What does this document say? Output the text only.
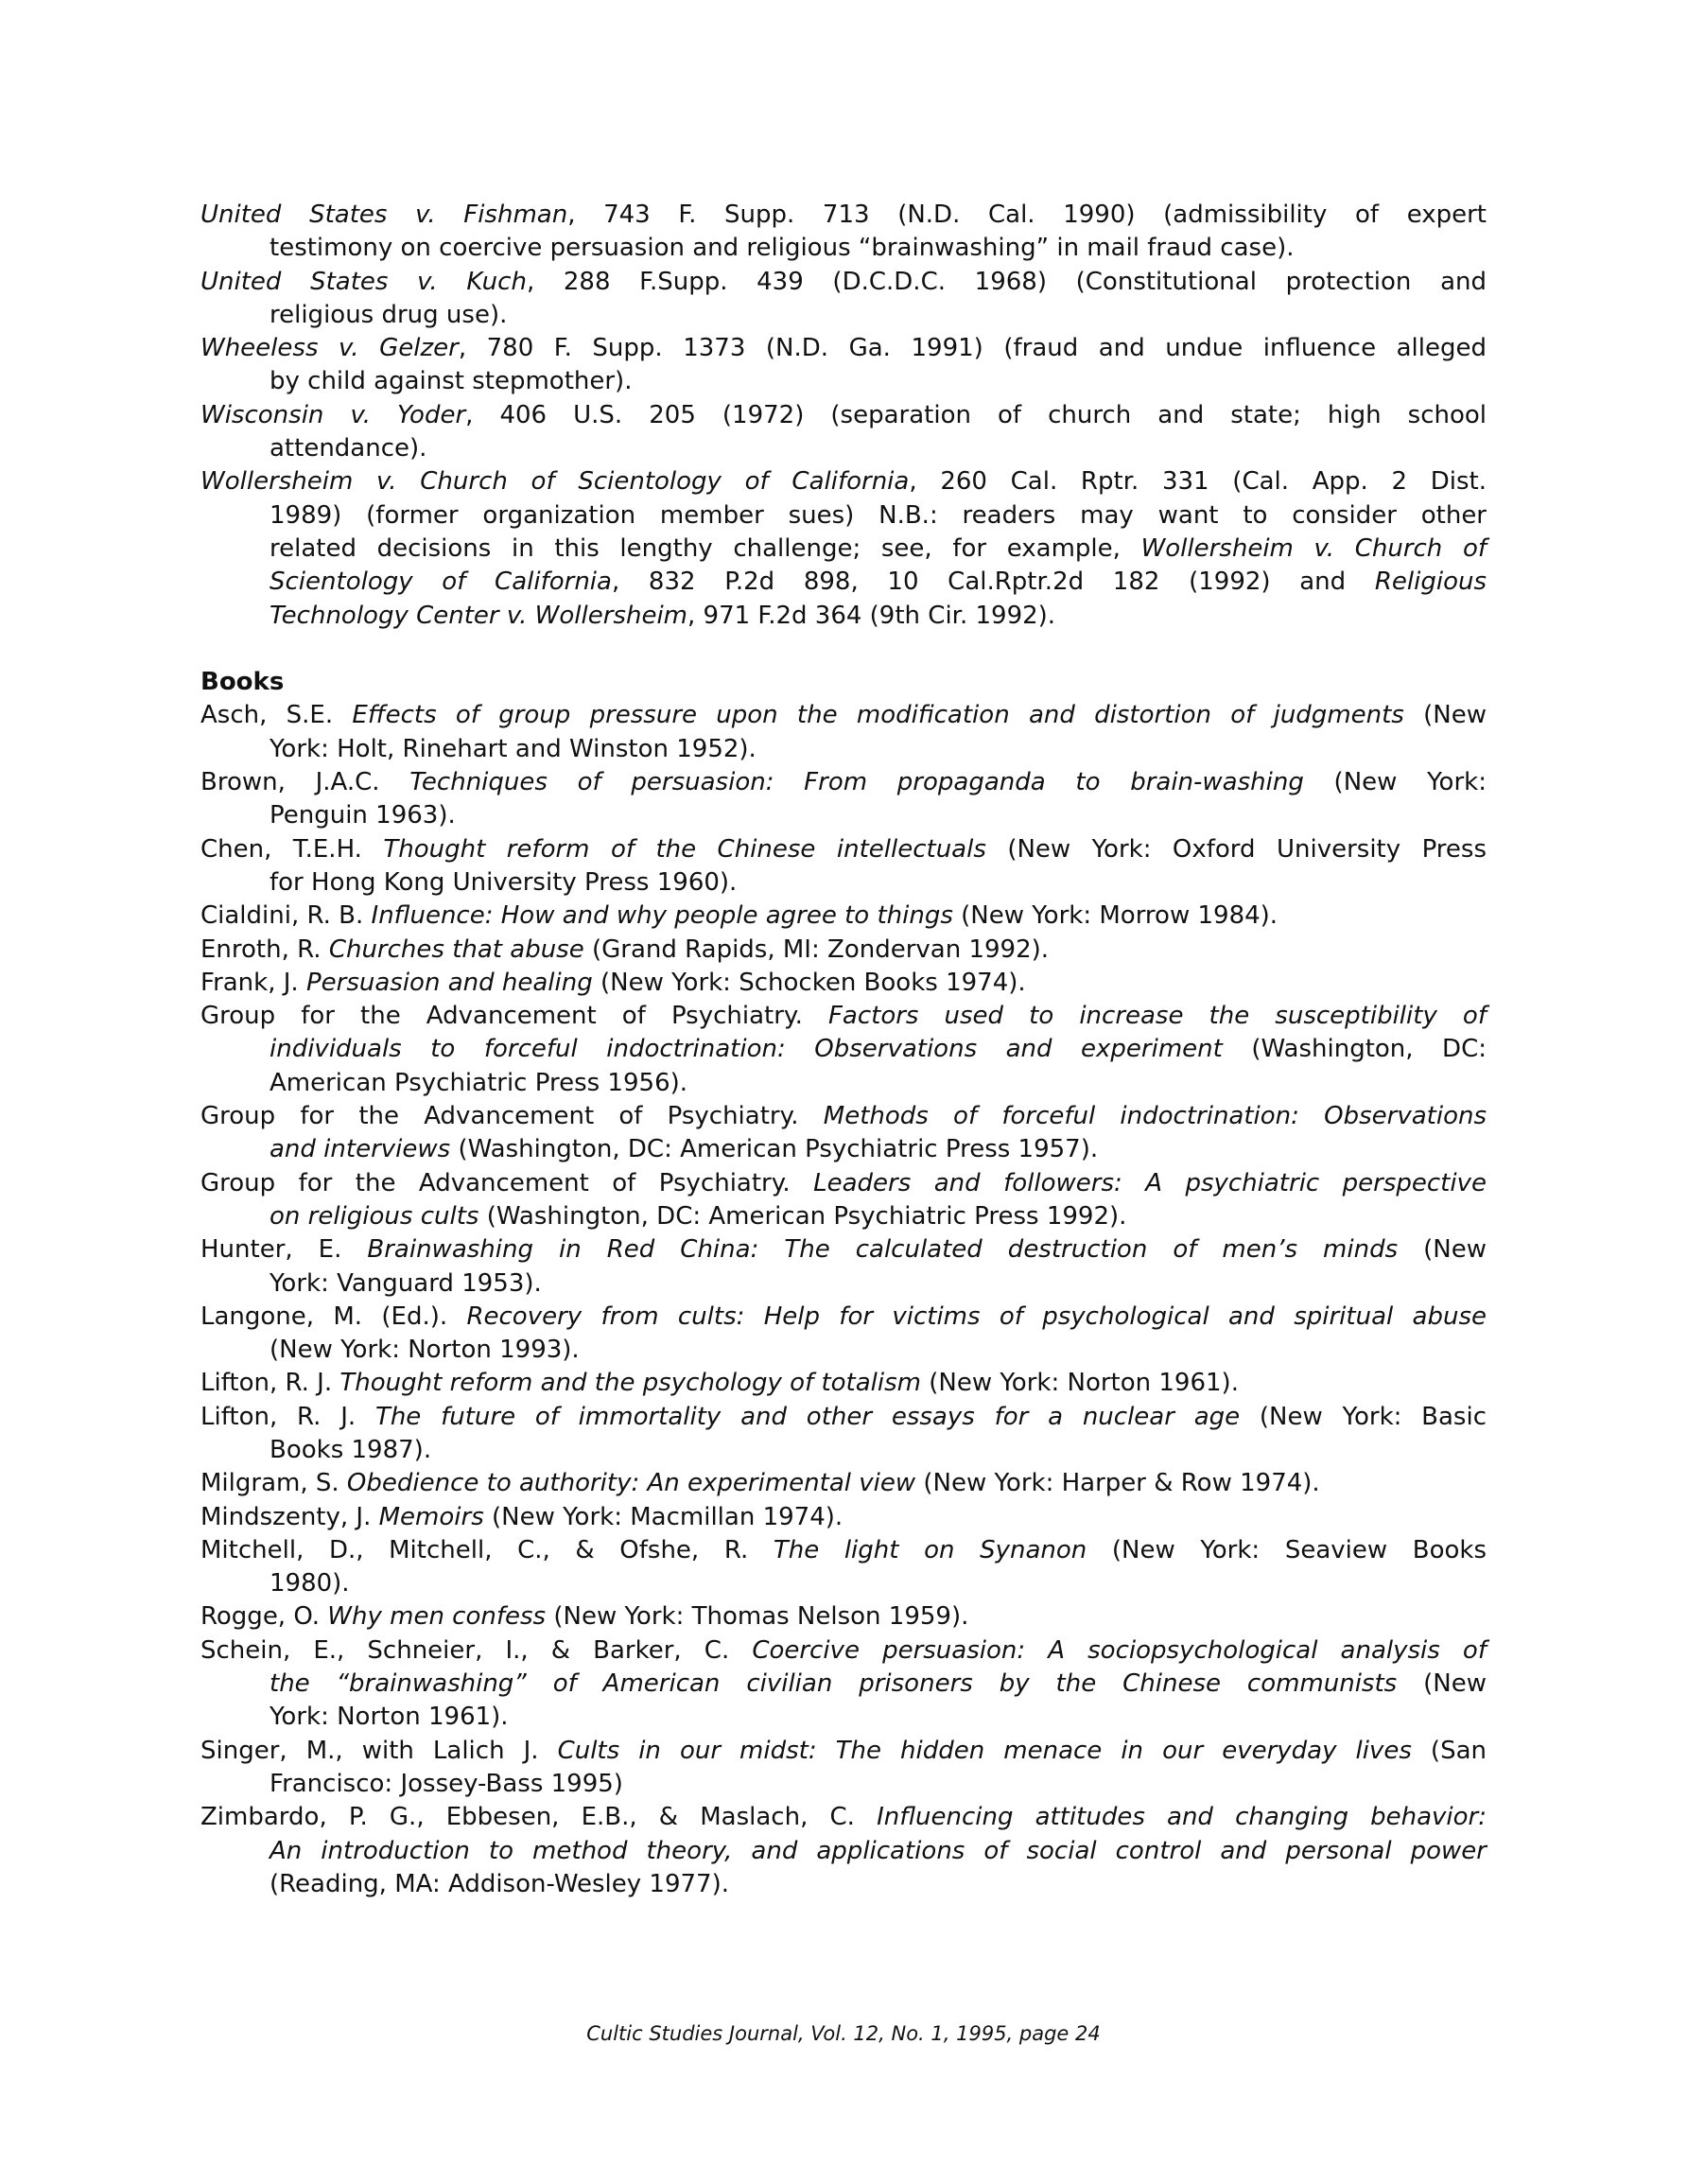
United States v. Fishman, 743 F. Supp. 713 (N.D. Cal. 1990) (admissibility of expert
testimony on coercive persuasion and religious “brainwashing” in mail fraud case).
United States v. Kuch, 288 F.Supp. 439 (D.C.D.C. 1968) (Constitutional protection and
religious drug use).
Wheeless v. Gelzer, 780 F. Supp. 1373 (N.D. Ga. 1991) (fraud and undue influence alleged
by child against stepmother).
Wisconsin v. Yoder, 406 U.S. 205 (1972) (separation of church and state; high school
attendance).
Wollersheim v. Church of Scientology of California, 260 Cal. Rptr. 331 (Cal. App. 2 Dist.
1989) (former organization member sues) N.B.: readers may want to consider other
related decisions in this lengthy challenge; see, for example, Wollersheim v. Church of
Scientology of California, 832 P.2d 898, 10 Cal.Rptr.2d 182 (1992) and Religious
Technology Center v. Wollersheim, 971 F.2d 364 (9th Cir. 1992).
Books
Asch, S.E. Effects of group pressure upon the modification and distortion of judgments (New
York: Holt, Rinehart and Winston 1952).
Brown, J.A.C. Techniques of persuasion: From propaganda to brain-washing (New York:
Penguin 1963).
Chen, T.E.H. Thought reform of the Chinese intellectuals (New York: Oxford University Press
for Hong Kong University Press 1960).
Cialdini, R. B. Influence: How and why people agree to things (New York: Morrow 1984).
Enroth, R. Churches that abuse (Grand Rapids, MI: Zondervan 1992).
Frank, J. Persuasion and healing (New York: Schocken Books 1974).
Group for the Advancement of Psychiatry. Factors used to increase the susceptibility of
individuals to forceful indoctrination: Observations and experiment (Washington, DC:
American Psychiatric Press 1956).
Group for the Advancement of Psychiatry. Methods of forceful indoctrination: Observations
and interviews (Washington, DC: American Psychiatric Press 1957).
Group for the Advancement of Psychiatry. Leaders and followers: A psychiatric perspective
on religious cults (Washington, DC: American Psychiatric Press 1992).
Hunter, E. Brainwashing in Red China: The calculated destruction of men’s minds (New
York: Vanguard 1953).
Langone, M. (Ed.). Recovery from cults: Help for victims of psychological and spiritual abuse
(New York: Norton 1993).
Lifton, R. J. Thought reform and the psychology of totalism (New York: Norton 1961).
Lifton, R. J. The future of immortality and other essays for a nuclear age (New York: Basic
Books 1987).
Milgram, S. Obedience to authority: An experimental view (New York: Harper & Row 1974).
Mindszenty, J. Memoirs (New York: Macmillan 1974).
Mitchell, D., Mitchell, C., & Ofshe, R. The light on Synanon (New York: Seaview Books
1980).
Rogge, O. Why men confess (New York: Thomas Nelson 1959).
Schein, E., Schneier, I., & Barker, C. Coercive persuasion: A sociopsychological analysis of
the “brainwashing” of American civilian prisoners by the Chinese communists (New
York: Norton 1961).
Singer, M., with Lalich J. Cults in our midst: The hidden menace in our everyday lives (San
Francisco: Jossey-Bass 1995)
Zimbardo, P. G., Ebbesen, E.B., & Maslach, C. Influencing attitudes and changing behavior:
An introduction to method theory, and applications of social control and personal power
(Reading, MA: Addison-Wesley 1977).
Cultic Studies Journal, Vol. 12, No. 1, 1995, page 24
